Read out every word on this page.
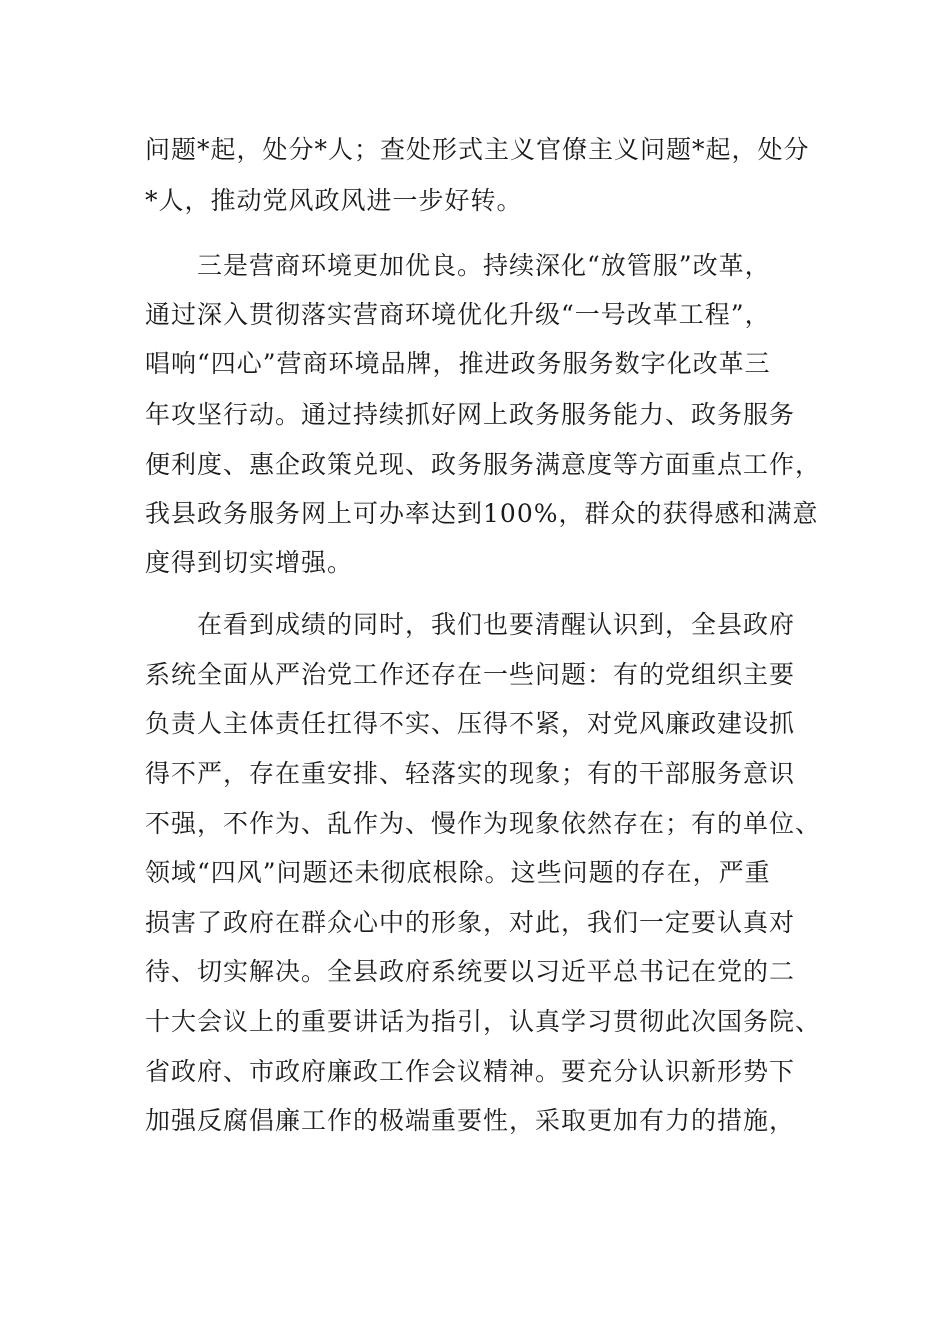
问题*起，处分*人；查处形式主义官僚主义问题*起，处分
*人，推动党风政风进一步好转。
三是营商环境更加优良。持续深化“放管服”改革，
通过深入贯彻落实营商环境优化升级“一号改革工程”，
唱响“四心”营商环境品牌，推进政务服务数字化改革三
年攻坚行动。通过持续抓好网上政务服务能力、政务服务
便利度、惠企政策兑现、政务服务满意度等方面重点工作，
我县政务服务网上可办率达到100%，群众的获得感和满意
度得到切实增强。
在看到成绩的同时，我们也要清醒认识到，全县政府
系统全面从严治党工作还存在一些问题：有的党组织主要
负责人主体责任扛得不实、压得不紧，对党风廉政建设抓
得不严，存在重安排、轻落实的现象；有的干部服务意识
不强，不作为、乱作为、慢作为现象依然存在；有的单位、
领域“四风”问题还未彻底根除。这些问题的存在，严重
损害了政府在群众心中的形象，对此，我们一定要认真对
待、切实解决。全县政府系统要以习近平总书记在党的二
十大会议上的重要讲话为指引，认真学习贯彻此次国务院、
省政府、市政府廉政工作会议精神。要充分认识新形势下
加强反腐倡廉工作的极端重要性，采取更加有力的措施，
